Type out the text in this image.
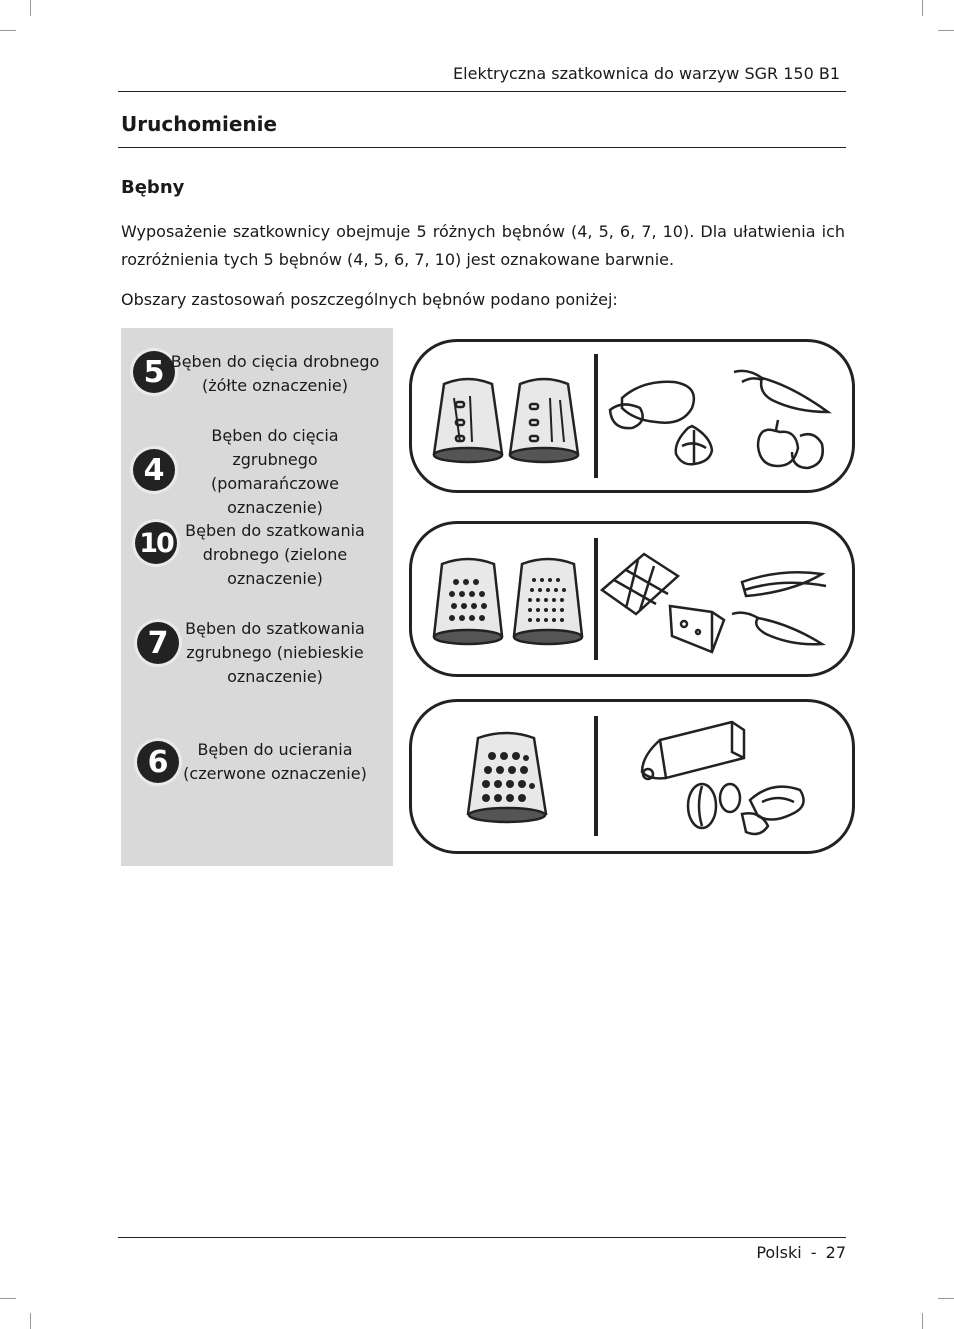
Elektryczna szatkownica do warzyw SGR 150 B1
Uruchomienie
Bębny
Wyposażenie szatkownicy obejmuje 5 różnych bębnów (4, 5, 6, 7, 10). Dla ułatwienia ich rozróżnienia tych 5 bębnów (4, 5, 6, 7, 10) jest oznakowane barwnie.
Obszary zastosowań poszczególnych bębnów podano poniżej:
5 Bęben do cięcia drobnego (żółte oznaczenie)
4
Bęben do cięcia zgrubnego (pomarańczowe oznaczenie)
10 Bęben do szatkowania drobnego (zielone oznaczenie)
7	Bęben do szatkowania zgrubnego (niebieskie oznaczenie)
6	Bęben do ucierania (czerwone oznaczenie)
Polski - 27
